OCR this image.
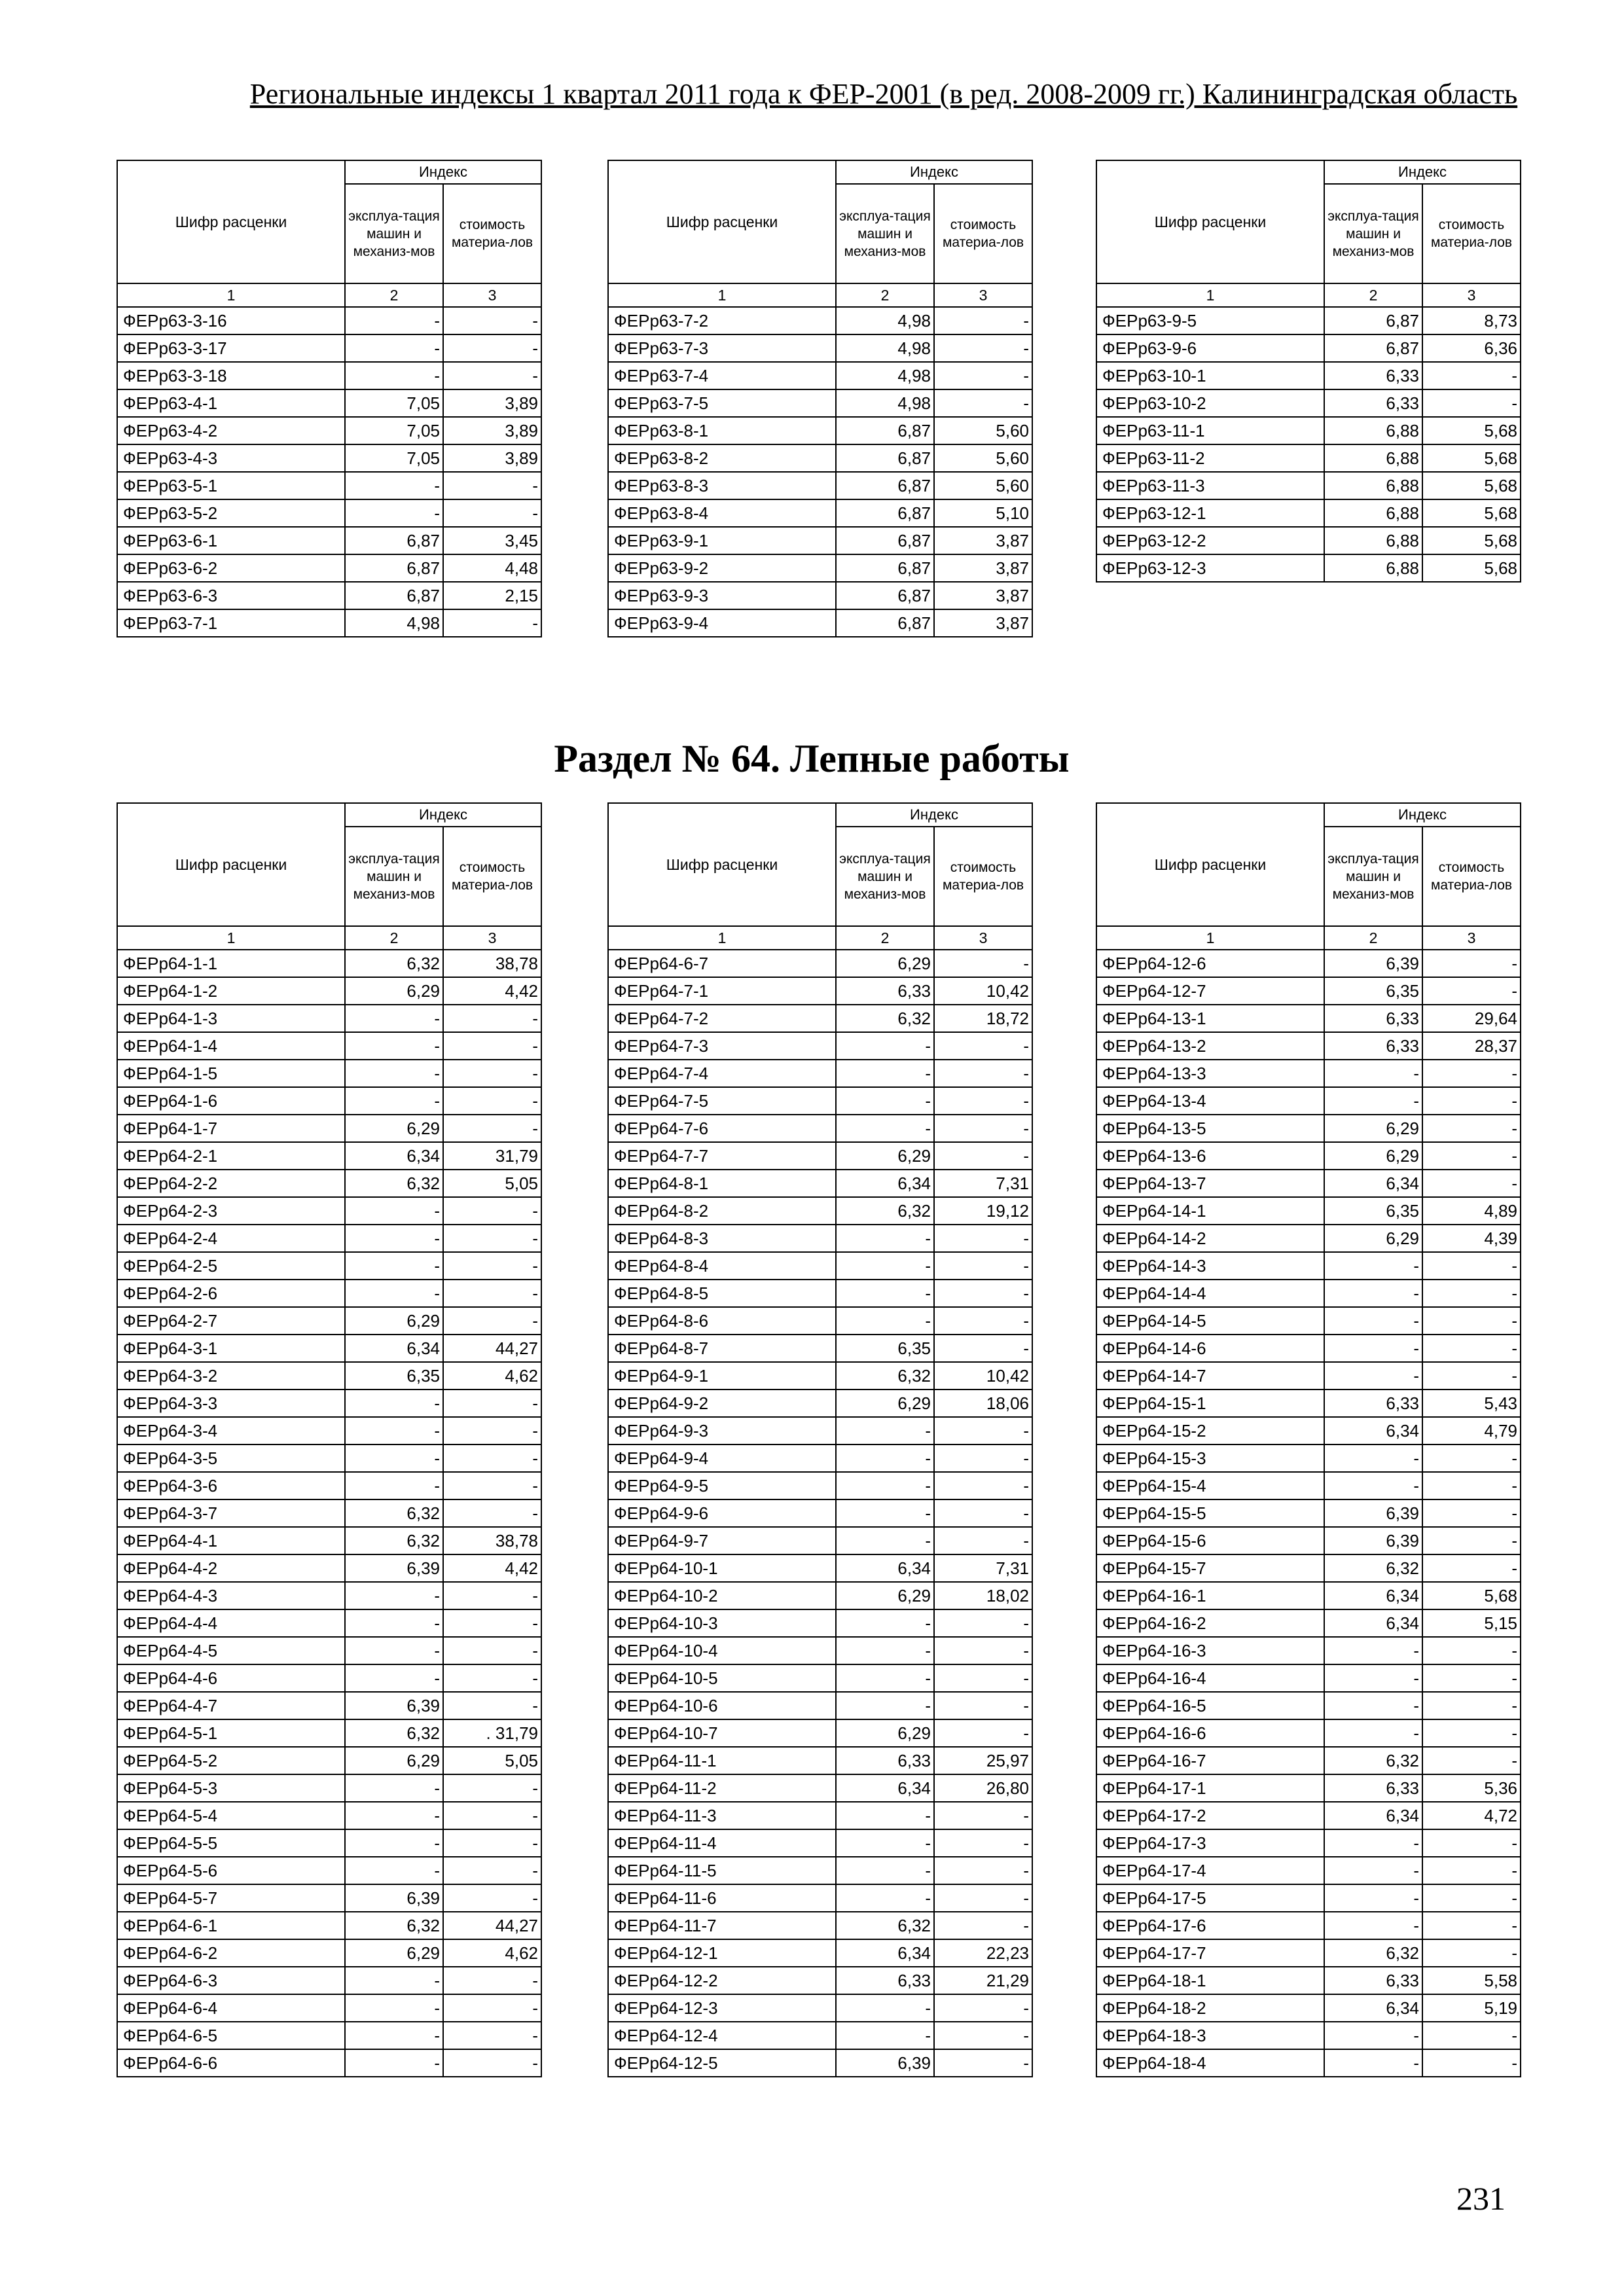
Региональные индексы 1 квартал 2011 года к ФЕР-2001 (в ред. 2008-2009 гг.) Калининградская область
Раздел № 64. Лепные работы
231
Шифр расценки	Индекс	
	эксплуа-тация машин и механиз-мов	стоимость материа-лов
1	2	3
ФЕРр63-3-16	-	-
ФЕРр63-3-17	-	-
ФЕРр63-3-18	-	-
ФЕРр63-4-1	7,05	3,89
ФЕРр63-4-2	7,05	3,89
ФЕРр63-4-3	7,05	3,89
ФЕРр63-5-1	-	-
ФЕРр63-5-2	-	-
ФЕРр63-6-1	6,87	3,45
ФЕРр63-6-2	6,87	4,48
ФЕРр63-6-3	6,87	2,15
ФЕРр63-7-1	4,98	-
Шифр расценки	Индекс	
	эксплуа-тация машин и механиз-мов	стоимость материа-лов
1	2	3
ФЕРр63-7-2	4,98	-
ФЕРр63-7-3	4,98	-
ФЕРр63-7-4	4,98	-
ФЕРр63-7-5	4,98	-
ФЕРр63-8-1	6,87	5,60
ФЕРр63-8-2	6,87	5,60
ФЕРр63-8-3	6,87	5,60
ФЕРр63-8-4	6,87	5,10
ФЕРр63-9-1	6,87	3,87
ФЕРр63-9-2	6,87	3,87
ФЕРр63-9-3	6,87	3,87
ФЕРр63-9-4	6,87	3,87
Шифр расценки	Индекс	
	эксплуа-тация машин и механиз-мов	стоимость материа-лов
1	2	3
ФЕРр63-9-5	6,87	8,73
ФЕРр63-9-6	6,87	6,36
ФЕРр63-10-1	6,33	-
ФЕРр63-10-2	6,33	-
ФЕРр63-11-1	6,88	5,68
ФЕРр63-11-2	6,88	5,68
ФЕРр63-11-3	6,88	5,68
ФЕРр63-12-1	6,88	5,68
ФЕРр63-12-2	6,88	5,68
ФЕРр63-12-3	6,88	5,68
Шифр расценки	Индекс	
	эксплуа-тация машин и механиз-мов	стоимость материа-лов
1	2	3
ФЕРр64-1-1	6,32	38,78
ФЕРр64-1-2	6,29	4,42
ФЕРр64-1-3	-	-
ФЕРр64-1-4	-	-
ФЕРр64-1-5	-	-
ФЕРр64-1-6	-	-
ФЕРр64-1-7	6,29	-
ФЕРр64-2-1	6,34	31,79
ФЕРр64-2-2	6,32	5,05
ФЕРр64-2-3	-	-
ФЕРр64-2-4	-	-
ФЕРр64-2-5	-	-
ФЕРр64-2-6	-	-
ФЕРр64-2-7	6,29	-
ФЕРр64-3-1	6,34	44,27
ФЕРр64-3-2	6,35	4,62
ФЕРр64-3-3	-	-
ФЕРр64-3-4	-	-
ФЕРр64-3-5	-	-
ФЕРр64-3-6	-	-
ФЕРр64-3-7	6,32	-
ФЕРр64-4-1	6,32	38,78
ФЕРр64-4-2	6,39	4,42
ФЕРр64-4-3	-	-
ФЕРр64-4-4	-	-
ФЕРр64-4-5	-	-
ФЕРр64-4-6	-	-
ФЕРр64-4-7	6,39	-
ФЕРр64-5-1	6,32	. 31,79
ФЕРр64-5-2	6,29	5,05
ФЕРр64-5-3	-	-
ФЕРр64-5-4	-	-
ФЕРр64-5-5	-	-
ФЕРр64-5-6	-	-
ФЕРр64-5-7	6,39	-
ФЕРр64-6-1	6,32	44,27
ФЕРр64-6-2	6,29	4,62
ФЕРр64-6-3	-	-
ФЕРр64-6-4	-	-
ФЕРр64-6-5	-	-
ФЕРр64-6-6	-	-
Шифр расценки	Индекс	
	эксплуа-тация машин и механиз-мов	стоимость материа-лов
1	2	3
ФЕРр64-6-7	6,29	-
ФЕРр64-7-1	6,33	10,42
ФЕРр64-7-2	6,32	18,72
ФЕРр64-7-3	-	-
ФЕРр64-7-4	-	-
ФЕРр64-7-5	-	-
ФЕРр64-7-6	-	-
ФЕРр64-7-7	6,29	-
ФЕРр64-8-1	6,34	7,31
ФЕРр64-8-2	6,32	19,12
ФЕРр64-8-3	-	-
ФЕРр64-8-4	-	-
ФЕРр64-8-5	-	-
ФЕРр64-8-6	-	-
ФЕРр64-8-7	6,35	-
ФЕРр64-9-1	6,32	10,42
ФЕРр64-9-2	6,29	18,06
ФЕРр64-9-3	-	-
ФЕРр64-9-4	-	-
ФЕРр64-9-5	-	-
ФЕРр64-9-6	-	-
ФЕРр64-9-7	-	-
ФЕРр64-10-1	6,34	7,31
ФЕРр64-10-2	6,29	18,02
ФЕРр64-10-3	-	-
ФЕРр64-10-4	-	-
ФЕРр64-10-5	-	-
ФЕРр64-10-6	-	-
ФЕРр64-10-7	6,29	-
ФЕРр64-11-1	6,33	25,97
ФЕРр64-11-2	6,34	26,80
ФЕРр64-11-3	-	-
ФЕРр64-11-4	-	-
ФЕРр64-11-5	-	-
ФЕРр64-11-6	-	-
ФЕРр64-11-7	6,32	-
ФЕРр64-12-1	6,34	22,23
ФЕРр64-12-2	6,33	21,29
ФЕРр64-12-3	-	-
ФЕРр64-12-4	-	-
ФЕРр64-12-5	6,39	-
Шифр расценки	Индекс	
	эксплуа-тация машин и механиз-мов	стоимость материа-лов
1	2	3
ФЕРр64-12-6	6,39	-
ФЕРр64-12-7	6,35	-
ФЕРр64-13-1	6,33	29,64
ФЕРр64-13-2	6,33	28,37
ФЕРр64-13-3	-	-
ФЕРр64-13-4	-	-
ФЕРр64-13-5	6,29	-
ФЕРр64-13-6	6,29	-
ФЕРр64-13-7	6,34	-
ФЕРр64-14-1	6,35	4,89
ФЕРр64-14-2	6,29	4,39
ФЕРр64-14-3	-	-
ФЕРр64-14-4	-	-
ФЕРр64-14-5	-	-
ФЕРр64-14-6	-	-
ФЕРр64-14-7	-	-
ФЕРр64-15-1	6,33	5,43
ФЕРр64-15-2	6,34	4,79
ФЕРр64-15-3	-	-
ФЕРр64-15-4	-	-
ФЕРр64-15-5	6,39	-
ФЕРр64-15-6	6,39	-
ФЕРр64-15-7	6,32	-
ФЕРр64-16-1	6,34	5,68
ФЕРр64-16-2	6,34	5,15
ФЕРр64-16-3	-	-
ФЕРр64-16-4	-	-
ФЕРр64-16-5	-	-
ФЕРр64-16-6	-	-
ФЕРр64-16-7	6,32	-
ФЕРр64-17-1	6,33	5,36
ФЕРр64-17-2	6,34	4,72
ФЕРр64-17-3	-	-
ФЕРр64-17-4	-	-
ФЕРр64-17-5	-	-
ФЕРр64-17-6	-	-
ФЕРр64-17-7	6,32	-
ФЕРр64-18-1	6,33	5,58
ФЕРр64-18-2	6,34	5,19
ФЕРр64-18-3	-	-
ФЕРр64-18-4	-	-
